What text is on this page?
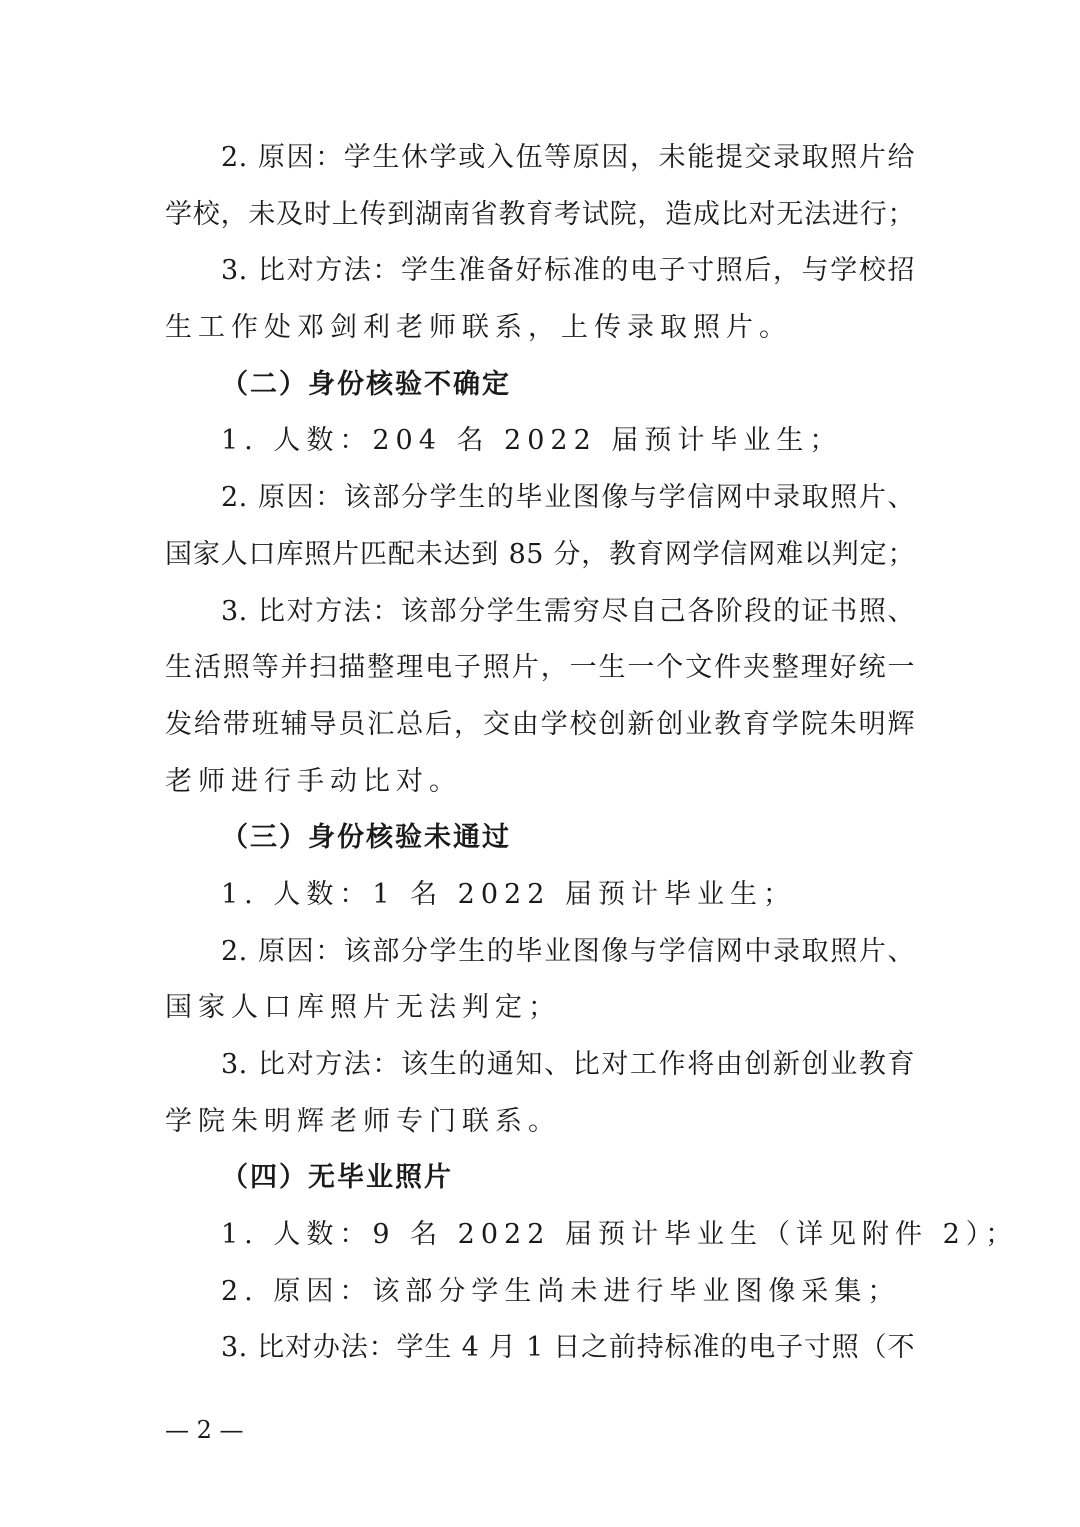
2. 原因：学生休学或入伍等原因，未能提交录取照片给
学校，未及时上传到湖南省教育考试院，造成比对无法进行；
3. 比对方法：学生准备好标准的电子寸照后，与学校招
生工作处邓剑利老师联系，上传录取照片。
（二）身份核验不确定
1. 人数：204 名 2022 届预计毕业生；
2. 原因：该部分学生的毕业图像与学信网中录取照片、
国家人口库照片匹配未达到 85 分，教育网学信网难以判定；
3. 比对方法：该部分学生需穷尽自己各阶段的证书照、
生活照等并扫描整理电子照片，一生一个文件夹整理好统一
发给带班辅导员汇总后，交由学校创新创业教育学院朱明辉
老师进行手动比对。
（三）身份核验未通过
1. 人数：1 名 2022 届预计毕业生；
2. 原因：该部分学生的毕业图像与学信网中录取照片、
国家人口库照片无法判定；
3. 比对方法：该生的通知、比对工作将由创新创业教育
学院朱明辉老师专门联系。
（四）无毕业照片
1. 人数：9 名 2022 届预计毕业生（详见附件 2）；
2. 原因：该部分学生尚未进行毕业图像采集；
3. 比对办法：学生 4 月 1 日之前持标准的电子寸照（不
— 2 —
